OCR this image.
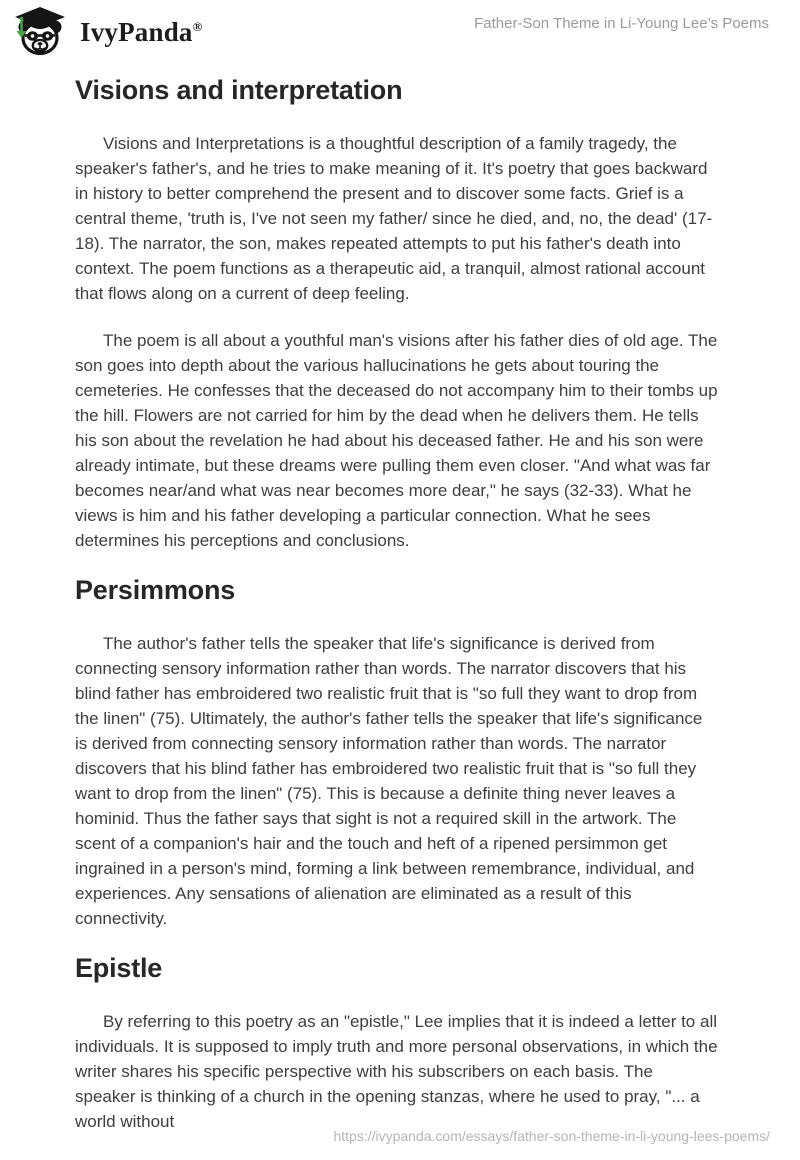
IvyPanda®	Father-Son Theme in Li-Young Lee’s Poems
Visions and interpretation

Visions and Interpretations is a thoughtful description of a family tragedy, the speaker's father's, and he tries to make meaning of it. It's poetry that goes backward in history to better comprehend the present and to discover some facts. Grief is a central theme, 'truth is, I've not seen my father/ since he died, and, no, the dead' (17-18). The narrator, the son, makes repeated attempts to put his father's death into context. The poem functions as a therapeutic aid, a tranquil, almost rational account that flows along on a current of deep feeling.

The poem is all about a youthful man's visions after his father dies of old age. The son goes into depth about the various hallucinations he gets about touring the cemeteries. He confesses that the deceased do not accompany him to their tombs up the hill. Flowers are not carried for him by the dead when he delivers them. He tells his son about the revelation he had about his deceased father. He and his son were already intimate, but these dreams were pulling them even closer. "And what was far becomes near/and what was near becomes more dear," he says (32-33). What he views is him and his father developing a particular connection. What he sees determines his perceptions and conclusions.

Persimmons

The author's father tells the speaker that life's significance is derived from connecting sensory information rather than words. The narrator discovers that his blind father has embroidered two realistic fruit that is "so full they want to drop from the linen" (75). Ultimately, the author's father tells the speaker that life's significance is derived from connecting sensory information rather than words. The narrator discovers that his blind father has embroidered two realistic fruit that is "so full they want to drop from the linen" (75). This is because a definite thing never leaves a hominid. Thus the father says that sight is not a required skill in the artwork. The scent of a companion's hair and the touch and heft of a ripened persimmon get ingrained in a person's mind, forming a link between remembrance, individual, and experiences. Any sensations of alienation are eliminated as a result of this connectivity.

Epistle

By referring to this poetry as an "epistle," Lee implies that it is indeed a letter to all individuals. It is supposed to imply truth and more personal observations, in which the writer shares his specific perspective with his subscribers on each basis. The speaker is thinking of a church in the opening stanzas, where he used to pray, "... a world without

https://ivypanda.com/essays/father-son-theme-in-li-young-lees-poems/
